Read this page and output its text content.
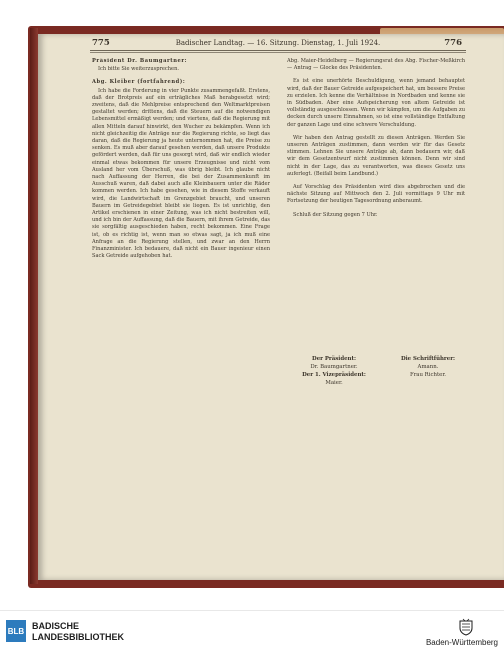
775	Badischer Landtag. — 16. Sitzung. Dienstag, 1. Juli 1924.	776

Präsident Dr. Baumgartner:

Ich bitte Sie weiterzusprechen.

Abg. Kleiber (fortfahrend):

Ich habe die Forderung in vier Punkte zusammengefaßt. Erstens, daß der Brotpreis auf ein erträgliches Maß herabgesetzt wird; zweitens, daß die Mehlpreise entsprechend den Weltmarktpreisen gestaltet werden; drittens, daß die Steuern auf die notwendigen Lebensmittel ermäßigt werden; und viertens, daß die Regierung mit allen Mitteln darauf hinwirkt, den Wucher zu bekämpfen. Wenn ich nicht gleichzeitig die Anträge nur die Regierung richte, so liegt das daran, daß die Regierung ja heute unternommen hat, die Preise zu senken. Es muß aber darauf gesehen werden, daß unsere Produkte gefördert werden, daß für uns gesorgt wird, daß wir endlich wieder einmal etwas bekommen für unsere Erzeugnisse und nicht vom Ausland her vom Überschuß, was übrig bleibt. Ich glaube nicht nach Auffassung der Herren, die bei der Zusammenkunft im Ausschuß waren, daß dabei auch alle Kleinbauern unter die Räder kommen werden. Ich habe gesehen, wie in diesem Stoffe verkauft wird, die Landwirtschaft im Grenzgebiet braucht, und unseren Bauern im Getreidegebiet bleibt sie liegen. Es ist unrichtig, den Artikel erschienen in einer Zeitung, was ich nicht bestreiten will, und ich bin der Auffassung, daß die Bauern, mit ihrem Getreide, das sie sorgfältig ausgeschieden haben, recht bekommen. Eine Frage ist, ob es richtig ist, wenn man so etwas sagt, ja ich muß eine Anfrage an die Regierung stellen, und zwar an den Herrn Finanzminister. Ich bedauere, daß nicht ein Bauer ingenieur einen Sack Getreide aufgehoben hat.

Abg. Maier-Heidelberg — Regierungsrat des Abg. Fischer-Meßkirch — Antrag — Glocke des Präsidenten.

Es ist eine unerhörte Beschuldigung, wenn jemand behauptet wird, daß der Bauer Getreide aufgespeichert hat, um bessere Preise zu erzielen. Ich kenne die Verhältnisse in Nordbaden und kenne sie in Südbaden. Aber eine Aufspeicherung von altem Getreide ist vollständig ausgeschlossen. Wenn wir kämpfen, um die Aufgaben zu decken durch unsere Einnahmen, so ist eine vollständige Entfaltung der ganzen Lage und eine schwere Verschuldung.

Wir haben den Antrag gestellt zu diesen Anträgen. Werden Sie unseren Anträgen zustimmen, dann werden wir für das Gesetz stimmen. Lehnen Sie unsere Anträge ab, dann bedauern wir, daß wir dem Gesetzentwurf nicht zustimmen können. Denn wir sind nicht in der Lage, das zu verantworten, was dieses Gesetz uns auferlegt. (Beifall beim Landbund.)

Auf Vorschlag des Präsidenten wird dies abgebrochen und die nächste Sitzung auf Mittwoch den 2. Juli vormittags 9 Uhr mit Fortsetzung der heutigen Tagesordnung anberaumt.

Schluß der Sitzung gegen 7 Uhr.

Der Präsident:
Dr. Baumgartner.
Der 1. Vizepräsident:
Maier.
Die Schriftführer:
Amann.
Frau Richter.
BLB BADISCHE
LANDESBIBLIOTHEK
Baden-Württemberg
